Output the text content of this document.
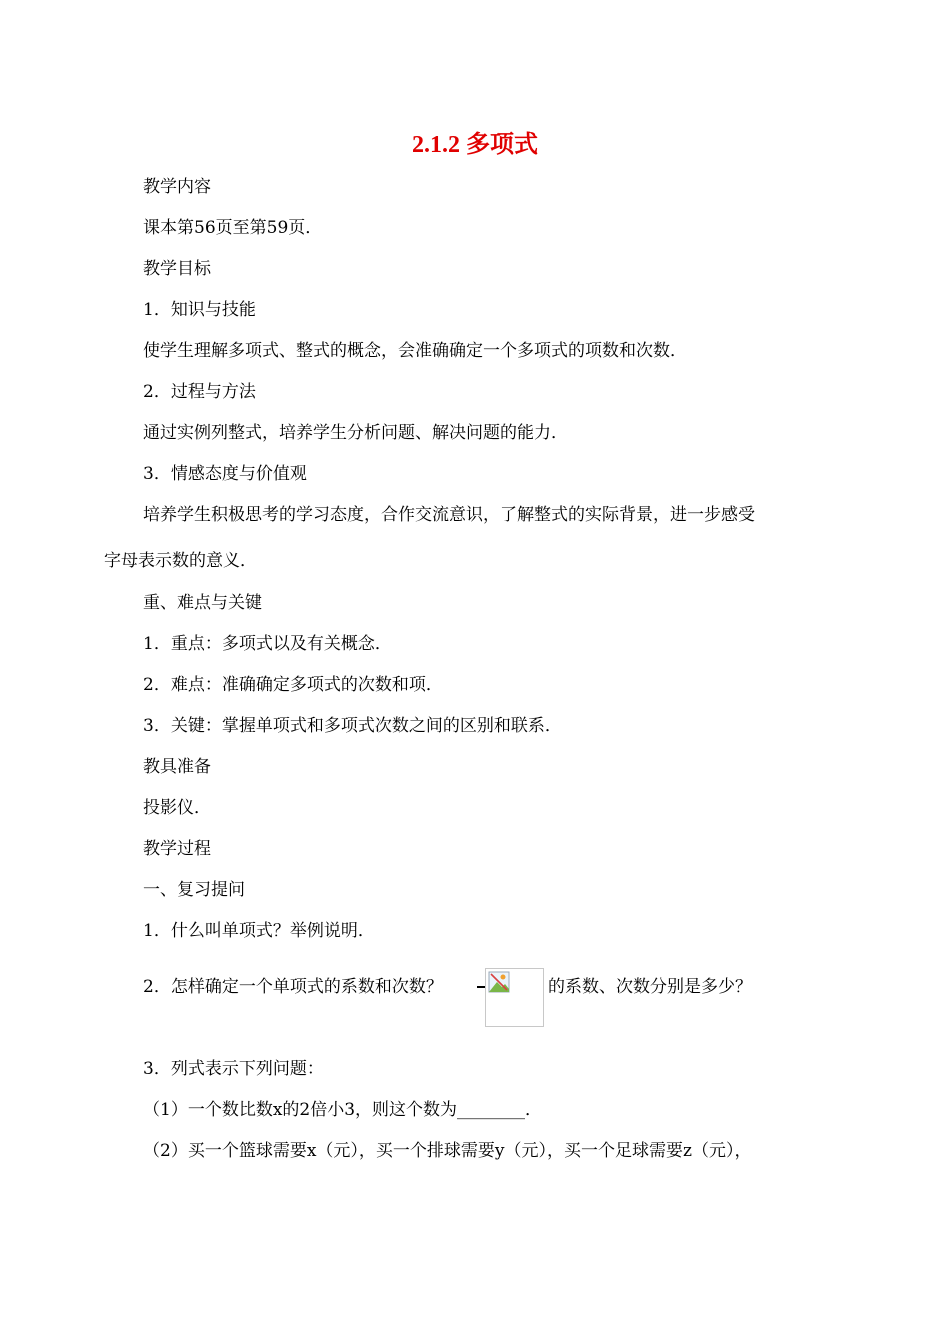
2.1.2 多项式
教学内容
课本第56页至第59页．
教学目标
1．知识与技能
使学生理解多项式、整式的概念，会准确确定一个多项式的项数和次数．
2．过程与方法
通过实例列整式，培养学生分析问题、解决问题的能力．
3．情感态度与价值观
培养学生积极思考的学习态度，合作交流意识，了解整式的实际背景，进一步感受
字母表示数的意义．
重、难点与关键
1．重点：多项式以及有关概念．
2．难点：准确确定多项式的次数和项．
3．关键：掌握单项式和多项式次数之间的区别和联系．
教具准备
投影仪．
教学过程
一、复习提问
1．什么叫单项式？举例说明．
2．怎样确定一个单项式的系数和次数？	的系数、次数分别是多少？
3．列式表示下列问题：
（1）一个数比数x的2倍小3，则这个数为________．
（2）买一个篮球需要x（元），买一个排球需要y（元），买一个足球需要z（元），
